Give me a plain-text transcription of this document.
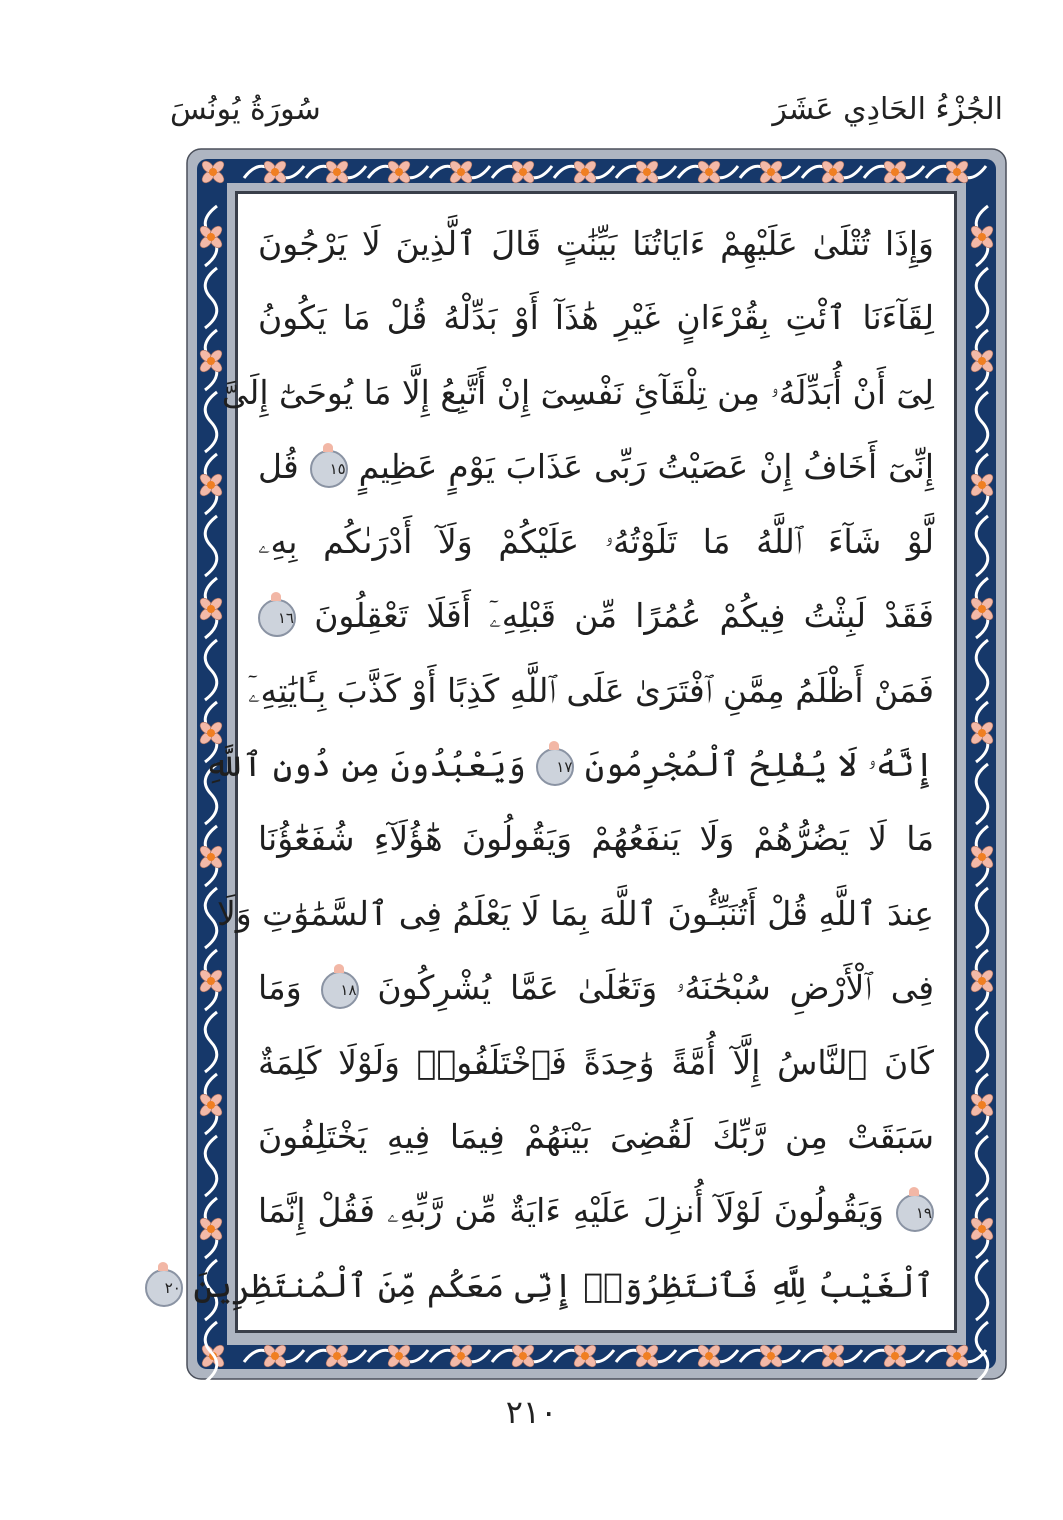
الجُزْءُ الحَادِي عَشَرَ
سُورَةُ يُونُسَ
وَإِذَا تُتْلَىٰ عَلَيْهِمْ ءَايَاتُنَا بَيِّنَٰتٍ قَالَ ٱلَّذِينَ لَا يَرْجُونَ
لِقَآءَنَا ٱئْتِ بِقُرْءَانٍ غَيْرِ هَٰذَآ أَوْ بَدِّلْهُ قُلْ مَا يَكُونُ
لِىٓ أَنْ أُبَدِّلَهُۥ مِن تِلْقَآئِ نَفْسِىٓ إِنْ أَتَّبِعُ إِلَّا مَا يُوحَىٰٓ إِلَىَّ
إِنِّىٓ أَخَافُ إِنْ عَصَيْتُ رَبِّى عَذَابَ يَوْمٍ عَظِيمٍ ١٥ قُل
لَّوْ شَآءَ ٱللَّهُ مَا تَلَوْتُهُۥ عَلَيْكُمْ وَلَآ أَدْرَىٰكُم بِهِۦ
فَقَدْ لَبِثْتُ فِيكُمْ عُمُرًا مِّن قَبْلِهِۦٓ أَفَلَا تَعْقِلُونَ ١٦
فَمَنْ أَظْلَمُ مِمَّنِ ٱفْتَرَىٰ عَلَى ٱللَّهِ كَذِبًا أَوْ كَذَّبَ بِـَٔايَٰتِهِۦٓ
إِنَّهُۥ لَا يُفْلِحُ ٱلْمُجْرِمُونَ ١٧ وَيَعْبُدُونَ مِن دُونِ ٱللَّهِ
مَا لَا يَضُرُّهُمْ وَلَا يَنفَعُهُمْ وَيَقُولُونَ هَٰٓؤُلَآءِ شُفَعَٰٓؤُنَا
عِندَ ٱللَّهِ قُلْ أَتُنَبِّـُٔونَ ٱللَّهَ بِمَا لَا يَعْلَمُ فِى ٱلسَّمَٰوَٰتِ وَلَا
فِى ٱلْأَرْضِ سُبْحَٰنَهُۥ وَتَعَٰلَىٰ عَمَّا يُشْرِكُونَ ١٨ وَمَا
كَانَ ٱلنَّاسُ إِلَّآ أُمَّةً وَٰحِدَةً فَٱخْتَلَفُوا۟ وَلَوْلَا كَلِمَةٌ
سَبَقَتْ مِن رَّبِّكَ لَقُضِىَ بَيْنَهُمْ فِيمَا فِيهِ يَخْتَلِفُونَ
١٩ وَيَقُولُونَ لَوْلَآ أُنزِلَ عَلَيْهِ ءَايَةٌ مِّن رَّبِّهِۦ فَقُلْ إِنَّمَا
ٱلْغَيْبُ لِلَّهِ فَٱنتَظِرُوٓا۟ إِنِّى مَعَكُم مِّنَ ٱلْمُنتَظِرِينَ ٢٠
٢١٠
